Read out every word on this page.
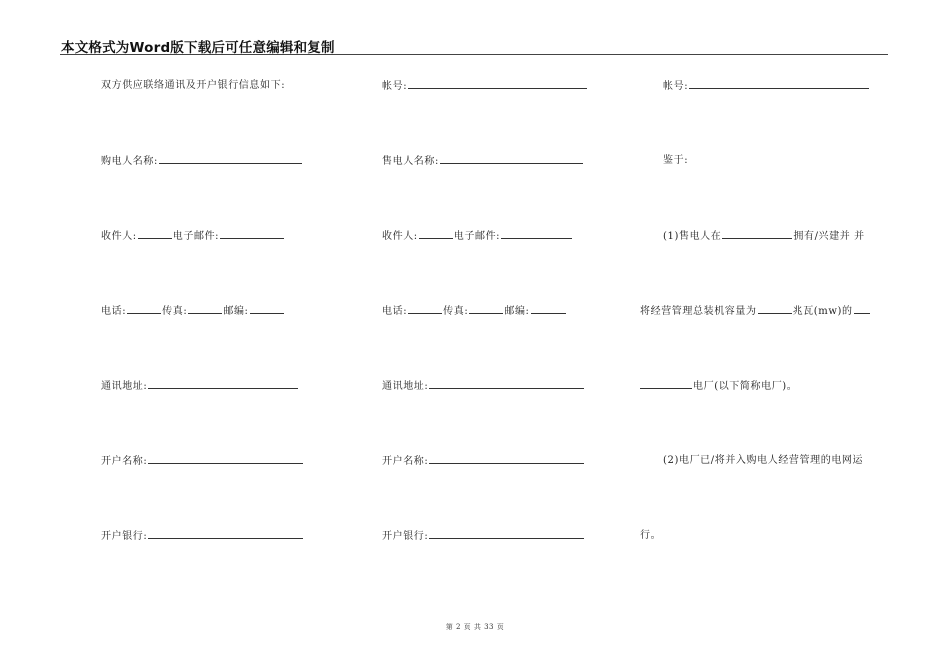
本文格式为Word版下载后可任意编辑和复制
双方供应联络通讯及开户银行信息如下:
购电人名称:
收件人:	电子邮件:
电话:	传真:	邮编:
通讯地址:
开户名称:
开户银行:
帐号:
售电人名称:
收件人:	电子邮件:
电话:	传真:	邮编:
通讯地址:
开户名称:
开户银行:
帐号:
鉴于:
(1)售电人在	拥有/兴建并 并
将经营管理总装机容量为	兆瓦(mw)的
电厂(以下简称电厂)。
(2)电厂已/将并入购电人经营管理的电网运
行。
第 2 页 共 33 页
